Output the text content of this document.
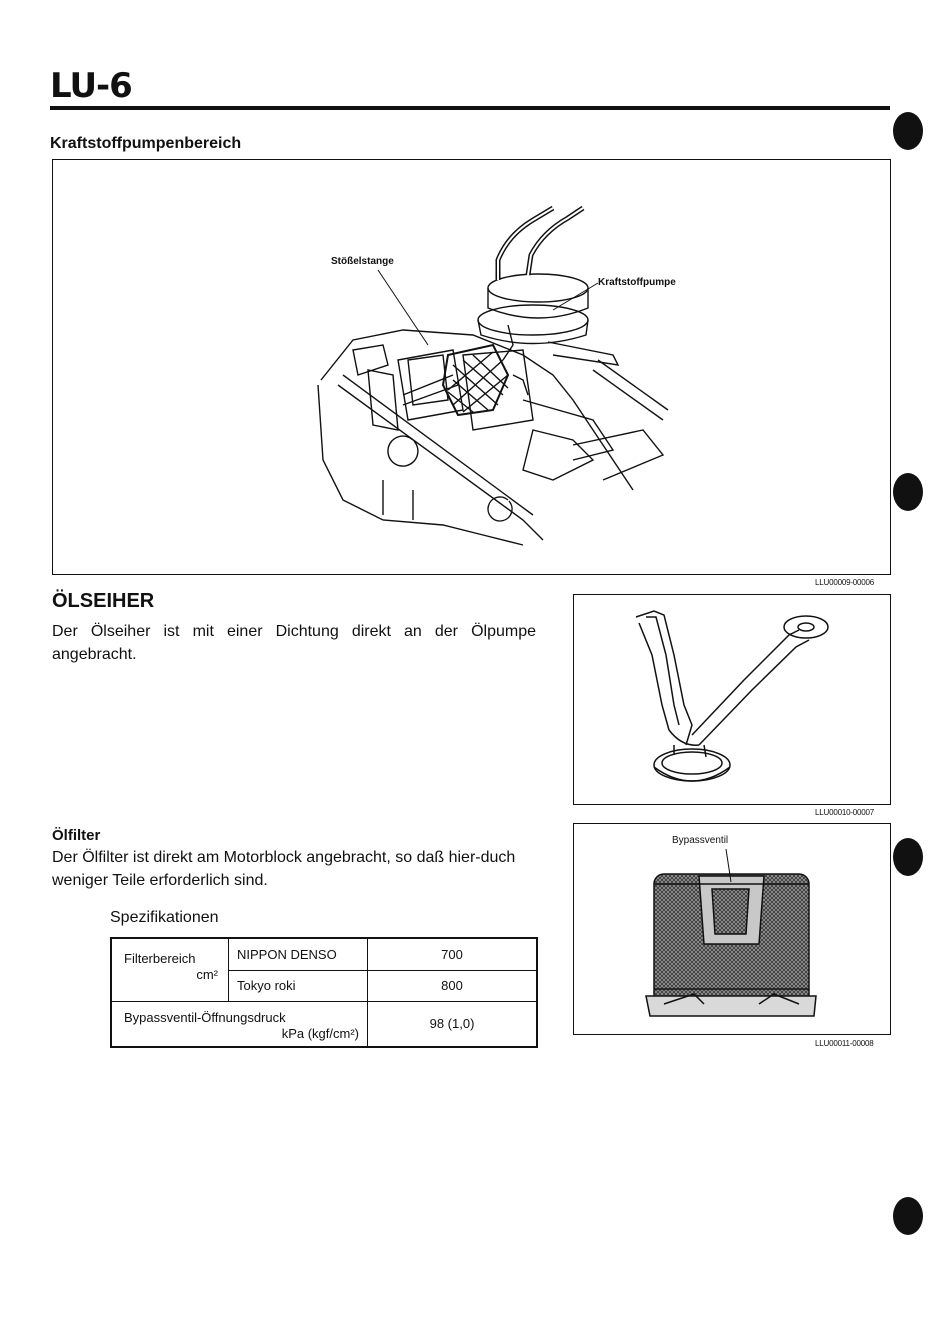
LU-6
Kraftstoffpumpenbereich
Stößelstange
Kraftstoffpumpe
LLU00009-00006
ÖLSEIHER
Der Ölseiher ist mit einer Dichtung direkt an der Ölpumpe angebracht.
LLU00010-00007
Ölfilter
Der Ölfilter ist direkt am Motorblock angebracht, so daß hier-duch weniger Teile erforderlich sind.
Spezifikationen
Filterbereich
cm²	NIPPON DENSO	700
	Tokyo roki	800

Bypassventil-Öffnungsdruck
kPa (kgf/cm²)		98 (1,0)
Bypassventil
LLU00011-00008
